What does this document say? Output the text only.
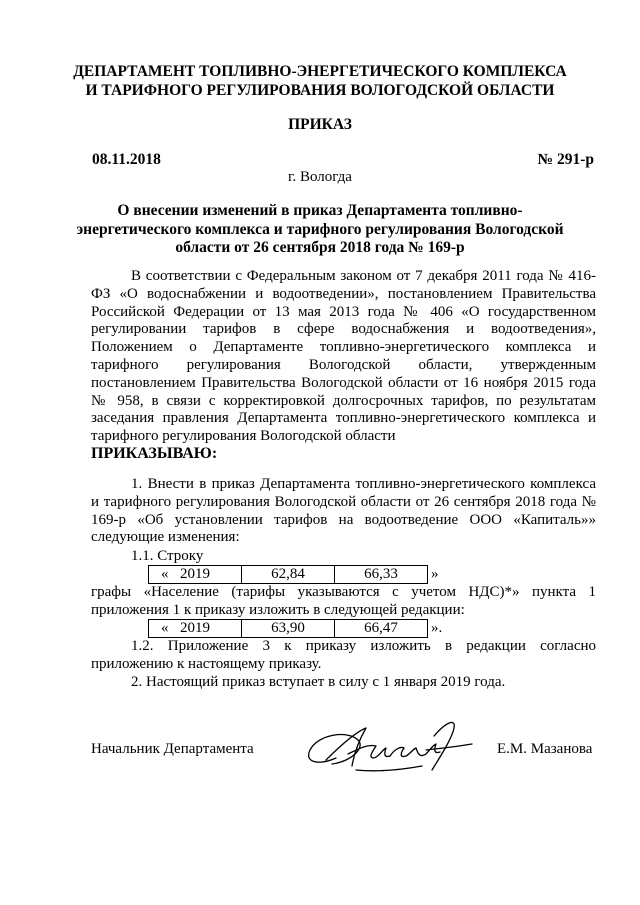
ДЕПАРТАМЕНТ ТОПЛИВНО-ЭНЕРГЕТИЧЕСКОГО КОМПЛЕКСА
И ТАРИФНОГО РЕГУЛИРОВАНИЯ ВОЛОГОДСКОЙ ОБЛАСТИ
ПРИКАЗ
08.11.2018	№ 291-р
г. Вологда
О внесении изменений в приказ Департамента топливно-
энергетического комплекса и тарифного регулирования Вологодской
области от 26 сентября 2018 года № 169-р
В соответствии с Федеральным законом от 7 декабря 2011 года № 416-ФЗ «О водоснабжении и водоотведении», постановлением Правительства Российской Федерации от 13 мая 2013 года № 406 «О государственном регулировании тарифов в сфере водоснабжения и водоотведения», Положением о Департаменте топливно-энергетического комплекса и тарифного регулирования Вологодской области, утвержденным постановлением Правительства Вологодской области от 16 ноября 2015 года № 958, в связи с корректировкой долгосрочных тарифов, по результатам заседания правления Департамента топливно-энергетического комплекса и тарифного регулирования Вологодской области
ПРИКАЗЫВАЮ:
1. Внести в приказ Департамента топливно-энергетического комплекса и тарифного регулирования Вологодской области от 26 сентября 2018 года № 169-р «Об установлении тарифов на водоотведение ООО «Капиталь»» следующие изменения:
1.1. Строку
« 2019	62,84	66,33 »
графы «Население (тарифы указываются с учетом НДС)*» пункта 1
приложения 1 к приказу изложить в следующей редакции:
« 2019	63,90	66,47 ».
1.2. Приложение 3 к приказу изложить в редакции согласно приложению к настоящему приказу.
2. Настоящий приказ вступает в силу с 1 января 2019 года.
Начальник Департамента	Е.М. Мазанова
